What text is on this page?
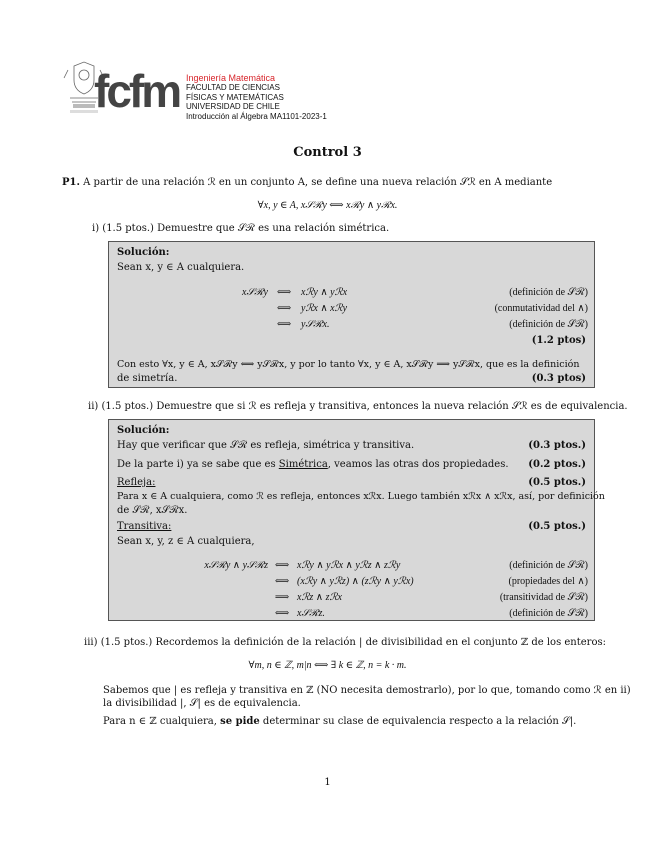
fcfm Ingeniería Matemática
FACULTAD DE CIENCIAS
FÍSICAS Y MATEMÁTICAS
UNIVERSIDAD DE CHILE
Introducción al Álgebra MA1101-2023-1
Control 3
P1. A partir de una relación ℛ en un conjunto A, se define una nueva relación 𝒮ℛ en A mediante
∀x, y ∈ A, x𝒮ℛy ⟺ xℛy ∧ yℛx.
i) (1.5 ptos.) Demuestre que 𝒮ℛ es una relación simétrica.
Solución:
Sean x, y ∈ A cualquiera.
x𝒮ℛy ⟺ xℛy ∧ yℛx	(definición de 𝒮ℛ)
⟺ yℛx ∧ xℛy	(conmutatividad del ∧)
⟺ y𝒮ℛx.	(definición de 𝒮ℛ)
(1.2 ptos)
Con esto ∀x, y ∈ A, x𝒮ℛy ⟺ y𝒮ℛx, y por lo tanto ∀x, y ∈ A, x𝒮ℛy ⟹ y𝒮ℛx, que es la definición
de simetría.	(0.3 ptos)
ii) (1.5 ptos.) Demuestre que si ℛ es refleja y transitiva, entonces la nueva relación 𝒮ℛ es de equivalencia.
Solución:
Hay que verificar que 𝒮ℛ es refleja, simétrica y transitiva.	(0.3 ptos.)
De la parte i) ya se sabe que es Simétrica, veamos las otras dos propiedades. (0.2 ptos.)
Refleja:	(0.5 ptos.)
Para x ∈ A cualquiera, como ℛ es refleja, entonces xℛx. Luego también xℛx ∧ xℛx, así, por definición
de 𝒮ℛ, x𝒮ℛx.
Transitiva:	(0.5 ptos.)
Sean x, y, z ∈ A cualquiera,
x𝒮ℛy ∧ y𝒮ℛz ⟺ xℛy ∧ yℛx ∧ yℛz ∧ zℛy	(definición de 𝒮ℛ)
⟺ (xℛy ∧ yℛz) ∧ (zℛy ∧ yℛx)	(propiedades del ∧)
⟹ xℛz ∧ zℛx	(transitividad de 𝒮ℛ)
⟺ x𝒮ℛz.	(definición de 𝒮ℛ)
iii) (1.5 ptos.) Recordemos la definición de la relación | de divisibilidad en el conjunto ℤ de los enteros:
∀m, n ∈ ℤ, m|n ⟺ ∃ k ∈ ℤ, n = k · m.
Sabemos que | es refleja y transitiva en ℤ (NO necesita demostrarlo), por lo que, tomando como ℛ en ii)
la divisibilidad |, 𝒮| es de equivalencia.
Para n ∈ ℤ cualquiera, se pide determinar su clase de equivalencia respecto a la relación 𝒮|.
1
